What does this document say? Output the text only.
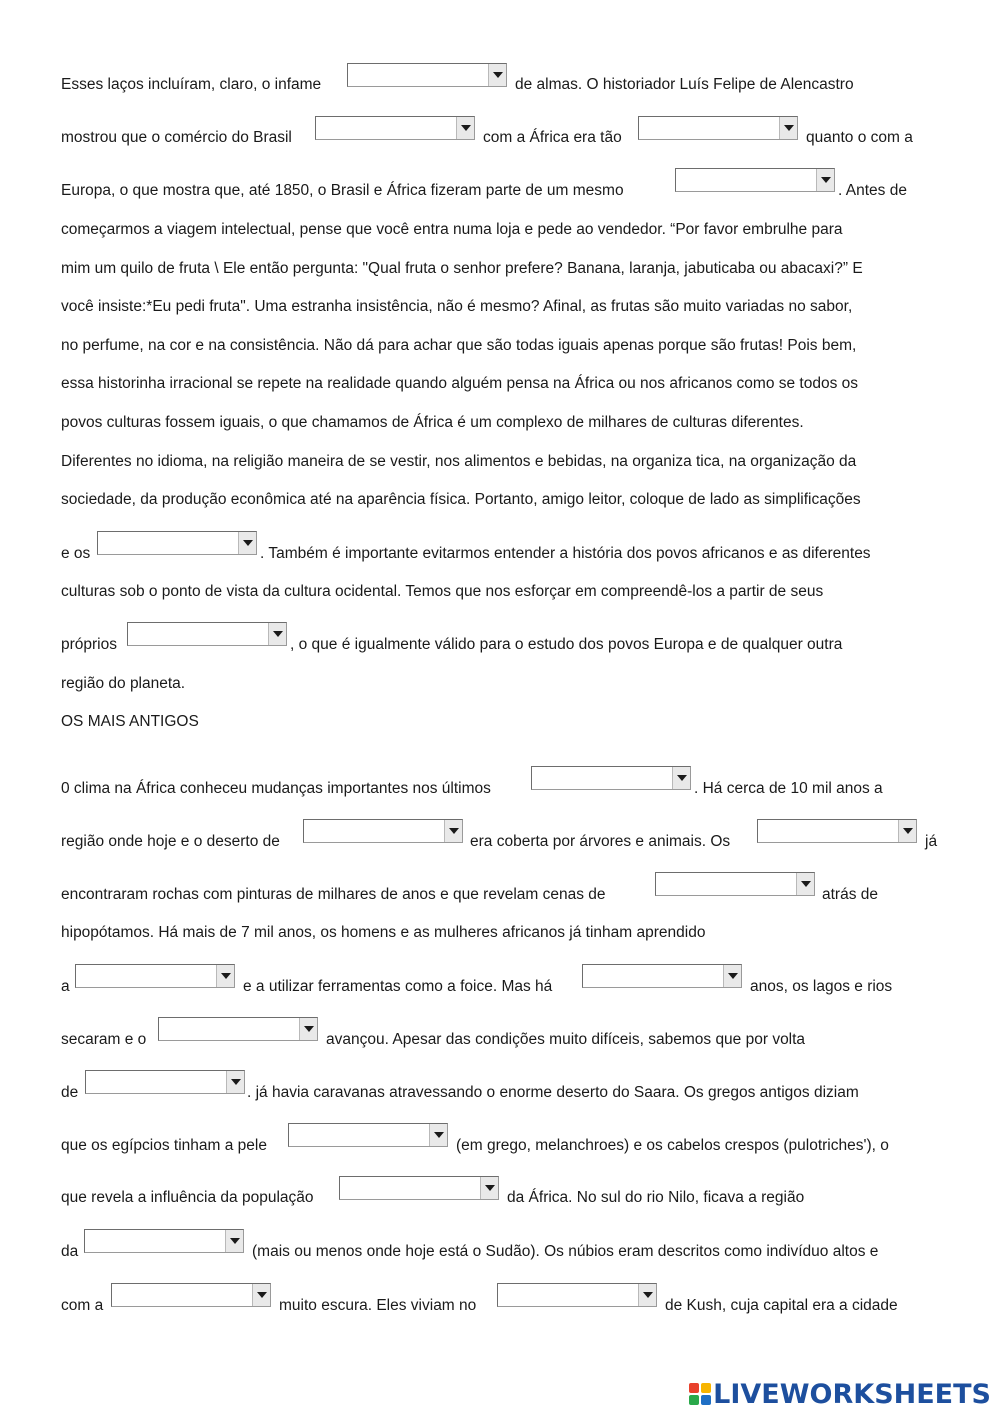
Esses laços incluíram, claro, o infame	de almas. O historiador Luís Felipe de Alencastro
mostrou que o comércio do Brasil	com a África era tão	quanto o com a
Europa, o que mostra que, até 1850, o Brasil e África fizeram parte de um mesmo	. Antes de
começarmos a viagem intelectual, pense que você entra numa loja e pede ao vendedor. “Por favor embrulhe para
mim um quilo de fruta \ Ele então pergunta: "Qual fruta o senhor prefere? Banana, laranja, jabuticaba ou abacaxi?” E
você insiste:*Eu pedi fruta". Uma estranha insistência, não é mesmo? Afinal, as frutas são muito variadas no sabor,
no perfume, na cor e na consistência. Não dá para achar que são todas iguais apenas porque são frutas! Pois bem,
essa historinha irracional se repete na realidade quando alguém pensa na África ou nos africanos como se todos os
povos culturas fossem iguais, o que chamamos de África é um complexo de milhares de culturas diferentes.
Diferentes no idioma, na religião maneira de se vestir, nos alimentos e bebidas, na organiza tica, na organização da
sociedade, da produção econômica até na aparência física. Portanto, amigo leitor, coloque de lado as simplificações
e os	. Também é importante evitarmos entender a história dos povos africanos e as diferentes
culturas sob o ponto de vista da cultura ocidental. Temos que nos esforçar em compreendê-los a partir de seus
próprios	, o que é igualmente válido para o estudo dos povos Europa e de qualquer outra
região do planeta.
OS MAIS ANTIGOS
0 clima na África conheceu mudanças importantes nos últimos	. Há cerca de 10 mil anos a
região onde hoje e o deserto de	era coberta por árvores e animais. Os	já
encontraram rochas com pinturas de milhares de anos e que revelam cenas de	atrás de
hipopótamos. Há mais de 7 mil anos, os homens e as mulheres africanos já tinham aprendido
a	e a utilizar ferramentas como a foice. Mas há	anos, os lagos e rios
secaram e o	avançou. Apesar das condições muito difíceis, sabemos que por volta
de	. já havia caravanas atravessando o enorme deserto do Saara. Os gregos antigos diziam
que os egípcios tinham a pele	(em grego, melanchroes) e os cabelos crespos (pulotriches'), o
que revela a influência da população	da África. No sul do rio Nilo, ficava a região
da	(mais ou menos onde hoje está o Sudão). Os núbios eram descritos como indivíduo altos e
com a	muito escura. Eles viviam no	de Kush, cuja capital era a cidade
LIVEWORKSHEETS
